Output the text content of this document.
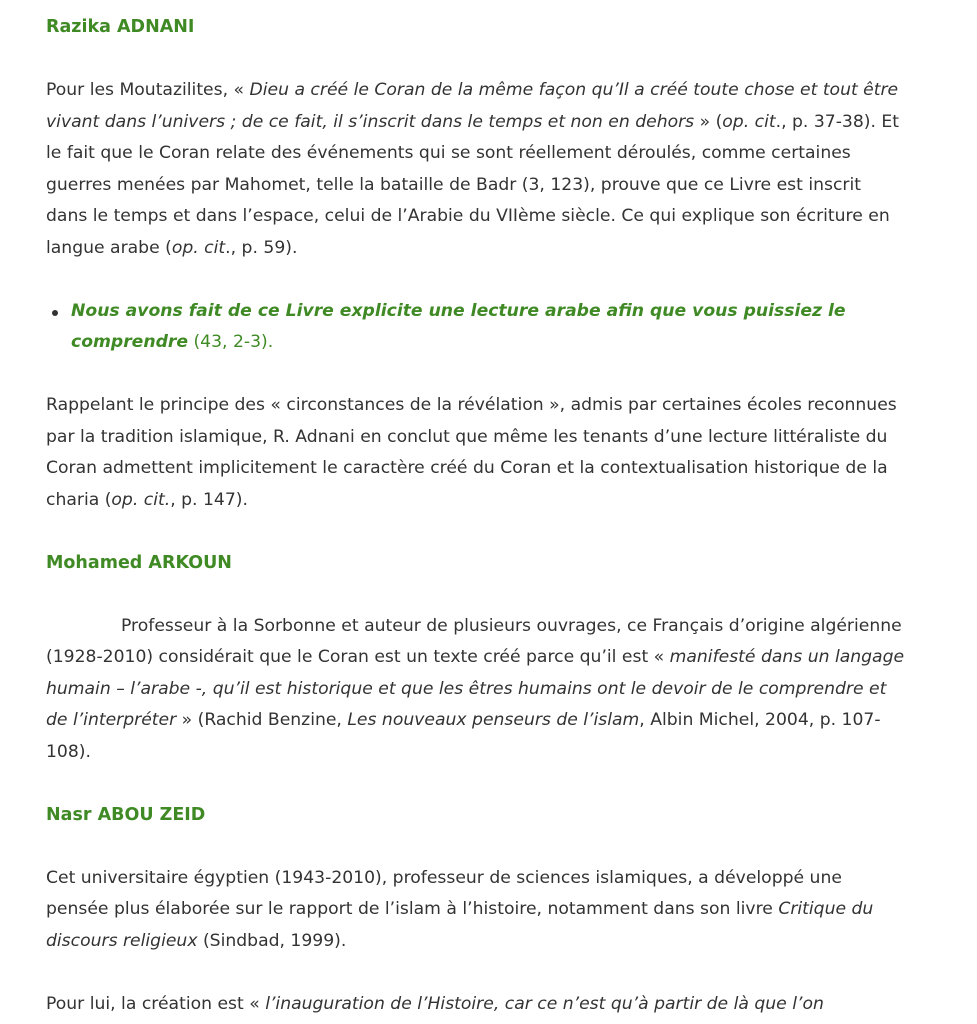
Razika ADNANI

Pour les Moutazilites, « Dieu a créé le Coran de la même façon qu’Il a créé toute chose et tout être vivant dans l’univers ; de ce fait, il s’inscrit dans le temps et non en dehors » (op. cit., p. 37-38). Et le fait que le Coran relate des événements qui se sont réellement déroulés, comme certaines guerres menées par Mahomet, telle la bataille de Badr (3, 123), prouve que ce Livre est inscrit dans le temps et dans l’espace, celui de l’Arabie du VIIème siècle. Ce qui explique son écriture en langue arabe (op. cit., p. 59).

Nous avons fait de ce Livre explicite une lecture arabe afin que vous puissiez le comprendre (43, 2-3).

Rappelant le principe des « circonstances de la révélation », admis par certaines écoles reconnues par la tradition islamique, R. Adnani en conclut que même les tenants d’une lecture littéraliste du Coran admettent implicitement le caractère créé du Coran et la contextualisation historique de la charia (op. cit., p. 147).

Mohamed ARKOUN

Professeur à la Sorbonne et auteur de plusieurs ouvrages, ce Français d’origine algérienne (1928-2010) considérait que le Coran est un texte créé parce qu’il est « manifesté dans un langage humain – l’arabe -, qu’il est historique et que les êtres humains ont le devoir de le comprendre et de l’interpréter » (Rachid Benzine, Les nouveaux penseurs de l’islam, Albin Michel, 2004, p. 107-108).

Nasr ABOU ZEID

Cet universitaire égyptien (1943-2010), professeur de sciences islamiques, a développé une pensée plus élaborée sur le rapport de l’islam à l’histoire, notamment dans son livre Critique du discours religieux (Sindbad, 1999).

Pour lui, la création est « l’inauguration de l’Histoire, car ce n’est qu’à partir de là que l’on
